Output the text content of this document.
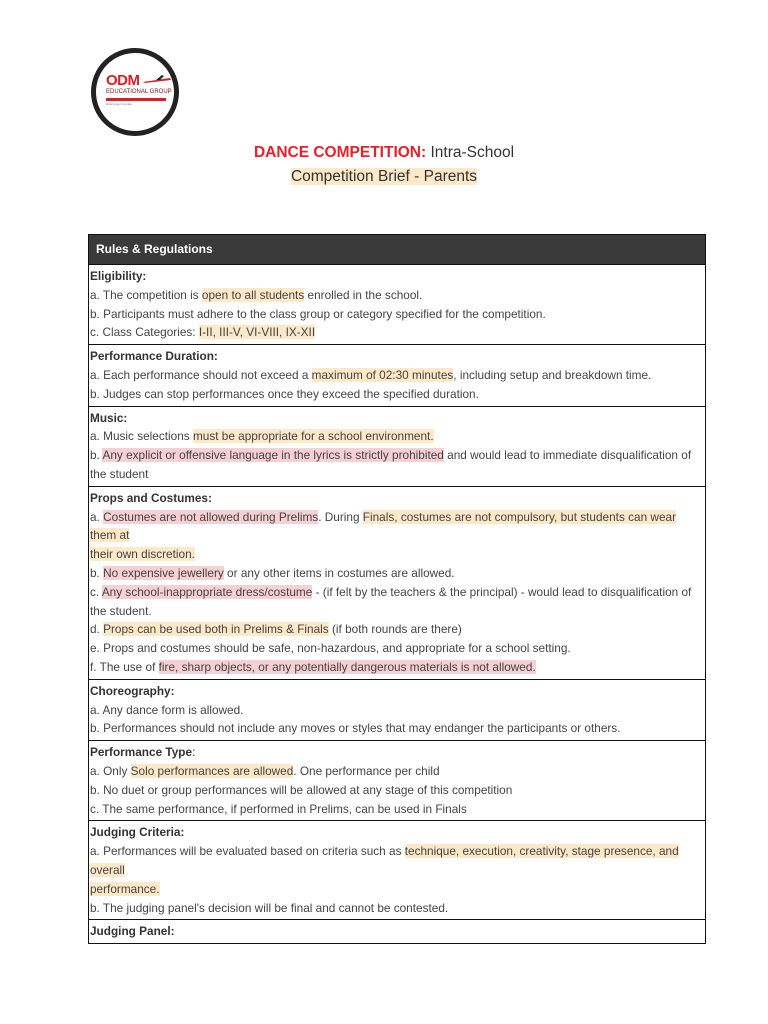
ODM
EDUCATIONAL GROUP
Enterprise Innovate
DANCE COMPETITION: Intra-School
Competition Brief - Parents
Rules & Regulations
Eligibility:
a. The competition is open to all students enrolled in the school.
b. Participants must adhere to the class group or category specified for the competition.
c. Class Categories: I-II, III-V, VI-VIII, IX-XII
Performance Duration:
a. Each performance should not exceed a maximum of 02:30 minutes, including setup and breakdown time.
b. Judges can stop performances once they exceed the specified duration.
Music:
a. Music selections must be appropriate for a school environment.
b. Any explicit or offensive language in the lyrics is strictly prohibited and would lead to immediate disqualification of
the student
Props and Costumes:
a. Costumes are not allowed during Prelims. During Finals, costumes are not compulsory, but students can wear them at
their own discretion.
b. No expensive jewellery or any other items in costumes are allowed.
c. Any school-inappropriate dress/costume - (if felt by the teachers & the principal) - would lead to disqualification of
the student.
d. Props can be used both in Prelims & Finals (if both rounds are there)
e. Props and costumes should be safe, non-hazardous, and appropriate for a school setting.
f. The use of fire, sharp objects, or any potentially dangerous materials is not allowed.
Choreography:
a. Any dance form is allowed.
b. Performances should not include any moves or styles that may endanger the participants or others.
Performance Type:
a. Only Solo performances are allowed. One performance per child
b. No duet or group performances will be allowed at any stage of this competition
c. The same performance, if performed in Prelims, can be used in Finals
Judging Criteria:
a. Performances will be evaluated based on criteria such as technique, execution, creativity, stage presence, and overall
performance.
b. The judging panel's decision will be final and cannot be contested.
Judging Panel:
